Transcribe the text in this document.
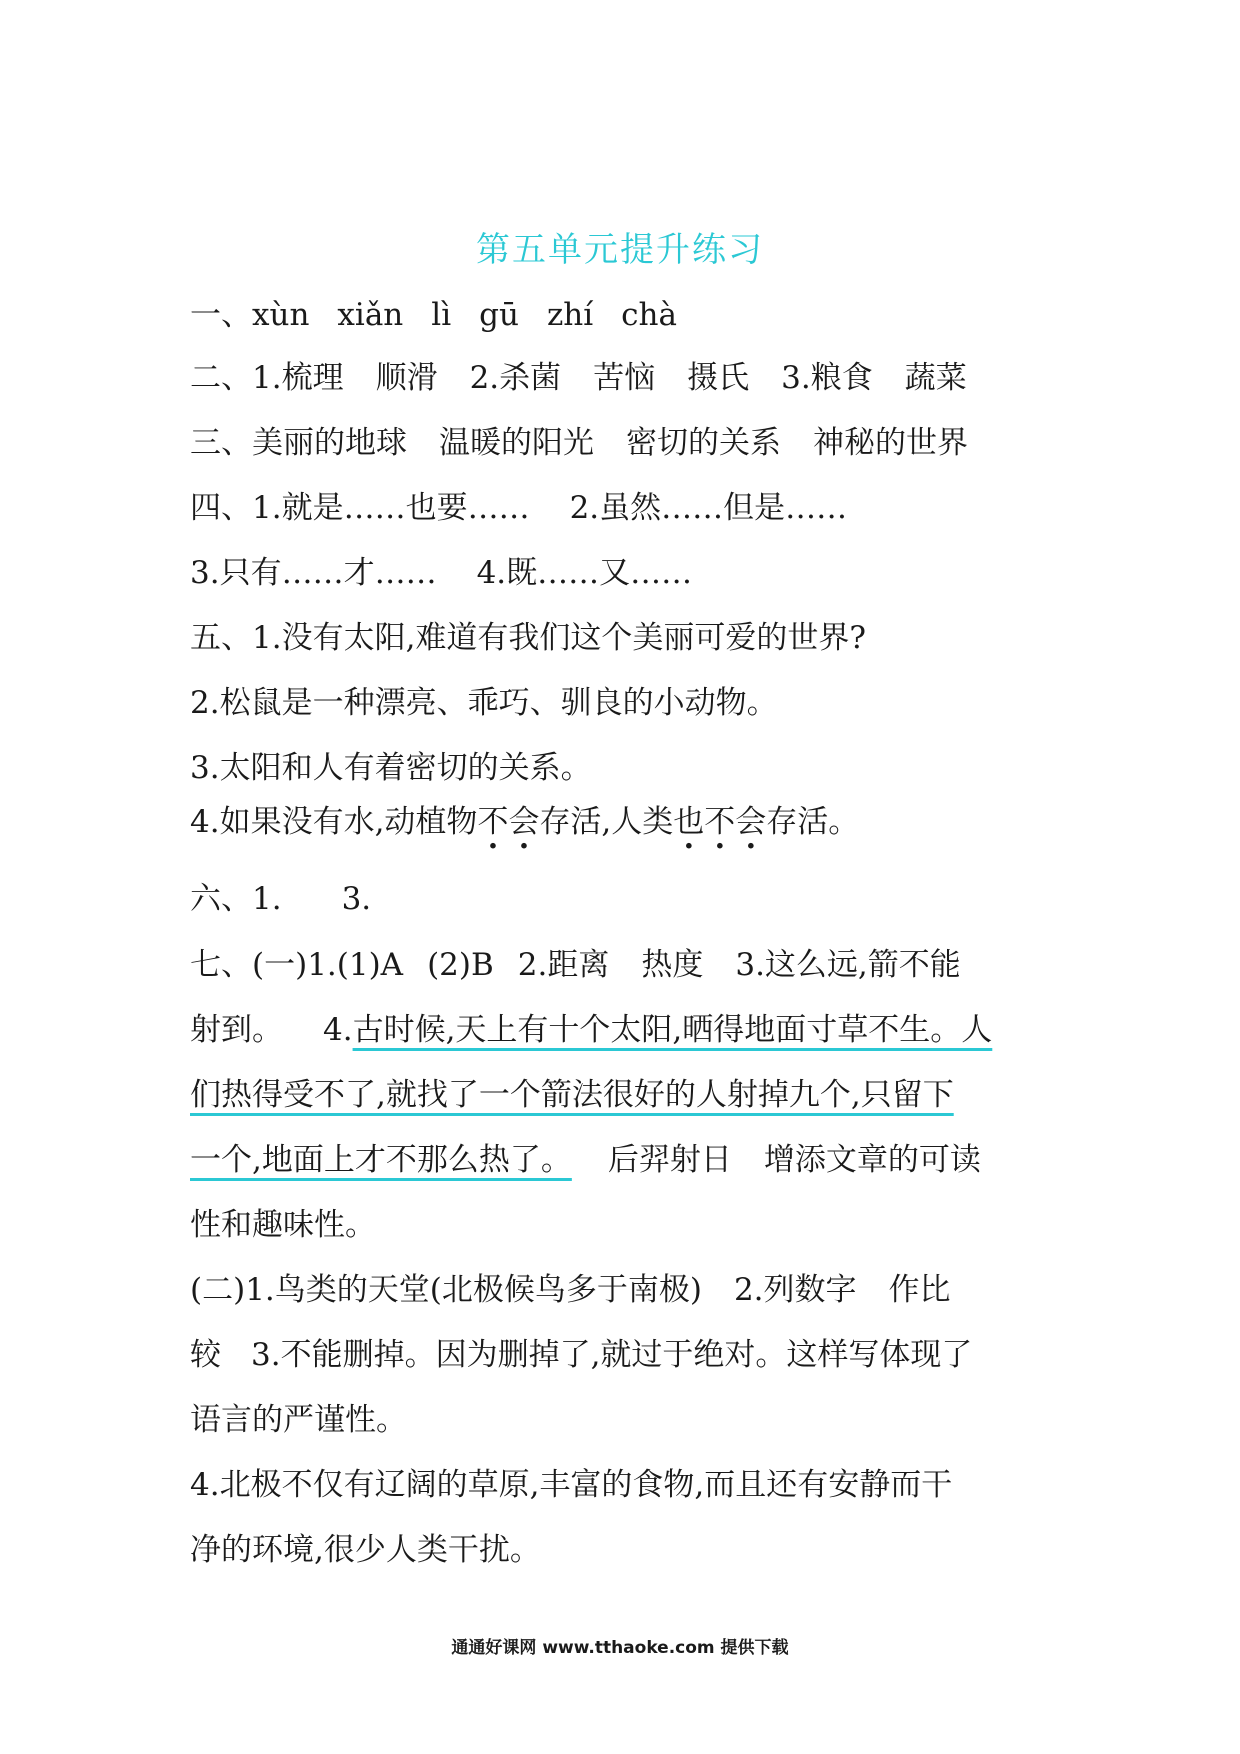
第五单元提升练习
一、xùn xiǎn lì gū zhí chà
二、1.梳理 顺滑 2.杀菌 苦恼 摄氏 3.粮食 蔬菜
三、美丽的地球 温暖的阳光 密切的关系 神秘的世界
四、1.就是……也要…… 2.虽然……但是……
3.只有……才…… 4.既……又……
五、1.没有太阳,难道有我们这个美丽可爱的世界?
2.松鼠是一种漂亮、乖巧、驯良的小动物。
3.太阳和人有着密切的关系。
4.如果没有水,动植物不会存活,人类也不会存活。
六、1. 3.
七、(一)1.(1)A (2)B 2.距离 热度 3.这么远,箭不能
射到。 4.古时候,天上有十个太阳,晒得地面寸草不生。人
们热得受不了,就找了一个箭法很好的人射掉九个,只留下
一个,地面上才不那么热了。 后羿射日 增添文章的可读
性和趣味性。
(二)1.鸟类的天堂(北极候鸟多于南极) 2.列数字 作比
较 3.不能删掉。因为删掉了,就过于绝对。这样写体现了
语言的严谨性。
4.北极不仅有辽阔的草原,丰富的食物,而且还有安静而干
净的环境,很少人类干扰。
通通好课网 www.tthaoke.com 提供下载
